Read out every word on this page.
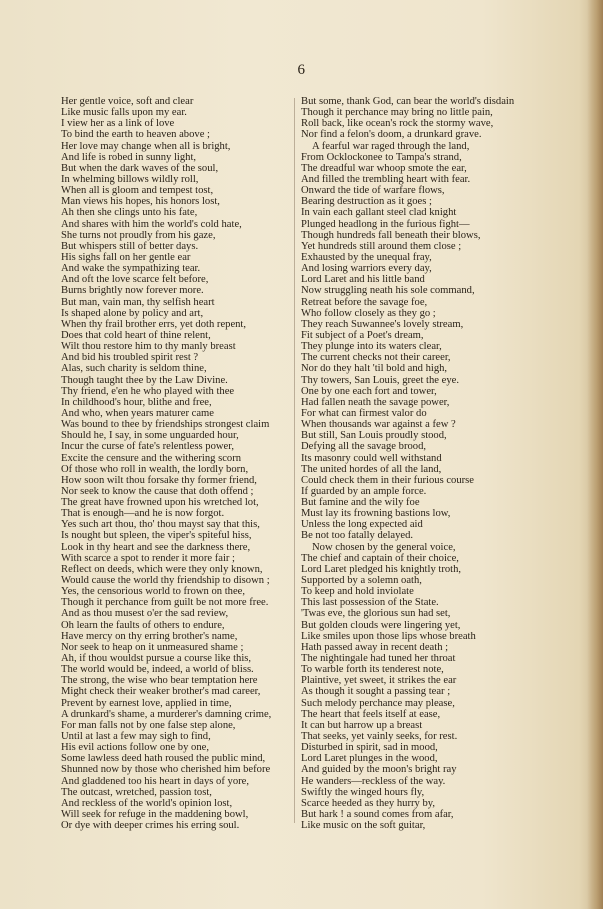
6
Her gentle voice, soft and clear
Like music falls upon my ear.
I view her as a link of love
To bind the earth to heaven above ;
Her love may change when all is bright,
And life is robed in sunny light,
But when the dark waves of the soul,
In whelming billows wildly roll,
When all is gloom and tempest tost,
Man views his hopes, his honors lost,
Ah then she clings unto his fate,
And shares with him the world's cold hate,
She turns not proudly from his gaze,
But whispers still of better days.
His sighs fall on her gentle ear
And wake the sympathizing tear.
And oft the love scarce felt before,
Burns brightly now forever more.
But man, vain man, thy selfish heart
Is shaped alone by policy and art,
When thy frail brother errs, yet doth repent,
Does that cold heart of thine relent,
Wilt thou restore him to thy manly breast
And bid his troubled spirit rest ?
Alas, such charity is seldom thine,
Though taught thee by the Law Divine.
Thy friend, e'en he who played with thee
In childhood's hour, blithe and free,
And who, when years maturer came
Was bound to thee by friendships strongest claim
Should he, I say, in some unguarded hour,
Incur the curse of fate's relentless power,
Excite the censure and the withering scorn
Of those who roll in wealth, the lordly born,
How soon wilt thou forsake thy former friend,
Nor seek to know the cause that doth offend ;
The great have frowned upon his wretched lot,
That is enough—and he is now forgot.
Yes such art thou, tho' thou mayst say that this,
Is nought but spleen, the viper's spiteful hiss,
Look in thy heart and see the darkness there,
With scarce a spot to render it more fair ;
Reflect on deeds, which were they only known,
Would cause the world thy friendship to disown ;
Yes, the censorious world to frown on thee,
Though it perchance from guilt be not more free.
And as thou musest o'er the sad review,
Oh learn the faults of others to endure,
Have mercy on thy erring brother's name,
Nor seek to heap on it unmeasured shame ;
Ah, if thou wouldst pursue a course like this,
The world would be, indeed, a world of bliss.
The strong, the wise who bear temptation here
Might check their weaker brother's mad career,
Prevent by earnest love, applied in time,
A drunkard's shame, a murderer's damning crime,
For man falls not by one false step alone,
Until at last a few may sigh to find,
His evil actions follow one by one,
Some lawless deed hath roused the public mind,
Shunned now by those who cherished him before
And gladdened too his heart in days of yore,
The outcast, wretched, passion tost,
And reckless of the world's opinion lost,
Will seek for refuge in the maddening bowl,
Or dye with deeper crimes his erring soul.
But some, thank God, can bear the world's disdain
Though it perchance may bring no little pain,
Roll back, like ocean's rock the stormy wave,
Nor find a felon's doom, a drunkard grave.
A fearful war raged through the land,
From Ocklockonee to Tampa's strand,
The dreadful war whoop smote the ear,
And filled the trembling heart with fear.
Onward the tide of warfare flows,
Bearing destruction as it goes ;
In vain each gallant steel clad knight
Plunged headlong in the furious fight—
Though hundreds fall beneath their blows,
Yet hundreds still around them close ;
Exhausted by the unequal fray,
And losing warriors every day,
Lord Laret and his little band
Now struggling neath his sole command,
Retreat before the savage foe,
Who follow closely as they go ;
They reach Suwannee's lovely stream,
Fit subject of a Poet's dream,
They plunge into its waters clear,
The current checks not their career,
Nor do they halt 'til bold and high,
Thy towers, San Louis, greet the eye.
One by one each fort and tower,
Had fallen neath the savage power,
For what can firmest valor do
When thousands war against a few ?
But still, San Louis proudly stood,
Defying all the savage brood,
Its masonry could well withstand
The united hordes of all the land,
Could check them in their furious course
If guarded by an ample force.
But famine and the wily foe
Must lay its frowning bastions low,
Unless the long expected aid
Be not too fatally delayed.
Now chosen by the general voice,
The chief and captain of their choice,
Lord Laret pledged his knightly troth,
Supported by a solemn oath,
To keep and hold inviolate
This last possession of the State.
'Twas eve, the glorious sun had set,
But golden clouds were lingering yet,
Like smiles upon those lips whose breath
Hath passed away in recent death ;
The nightingale had tuned her throat
To warble forth its tenderest note,
Plaintive, yet sweet, it strikes the ear
As though it sought a passing tear ;
Such melody perchance may please,
The heart that feels itself at ease,
It can but harrow up a breast
That seeks, yet vainly seeks, for rest.
Disturbed in spirit, sad in mood,
Lord Laret plunges in the wood,
And guided by the moon's bright ray
He wanders—reckless of the way.
Swiftly the winged hours fly,
Scarce heeded as they hurry by,
But hark ! a sound comes from afar,
Like music on the soft guitar,
